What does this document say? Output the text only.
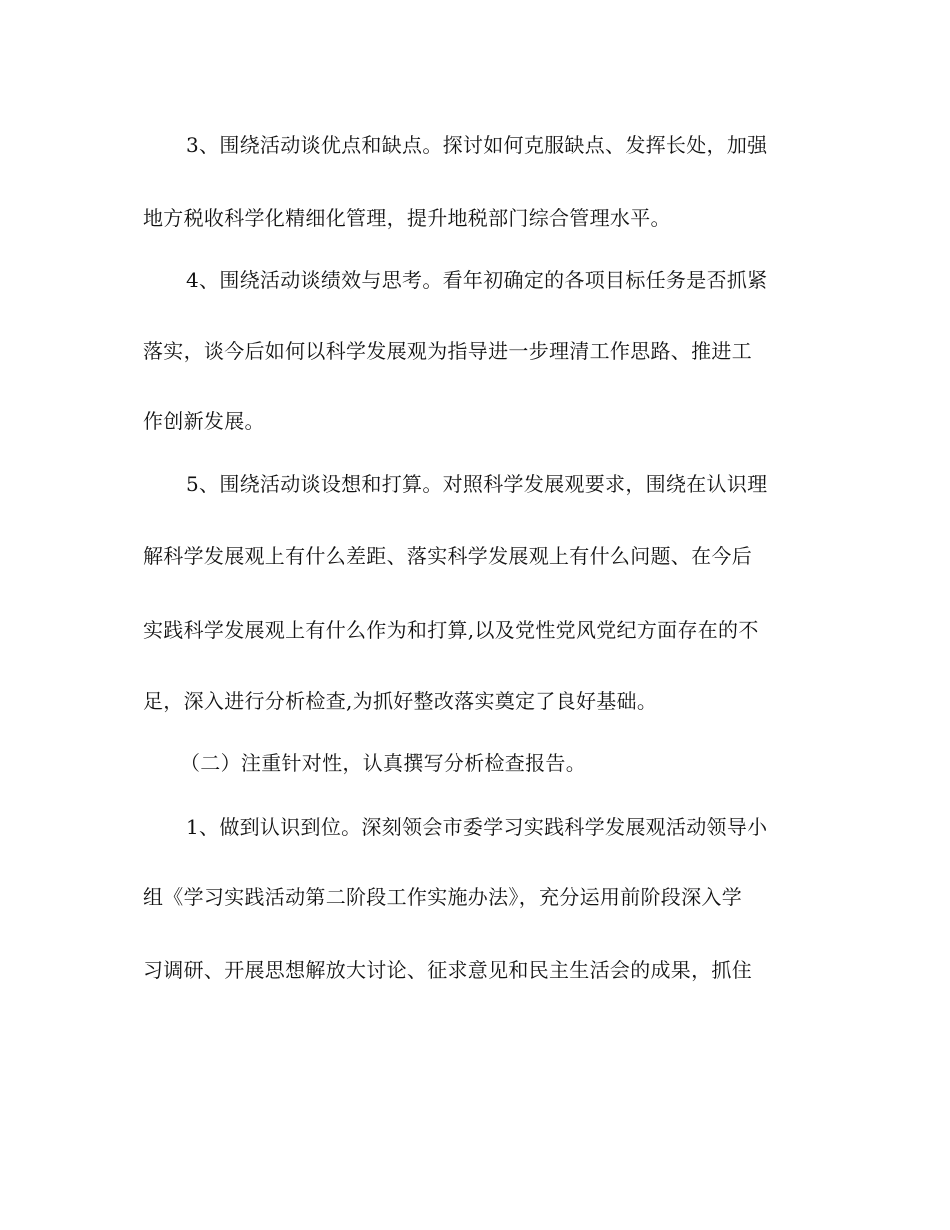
3、围绕活动谈优点和缺点。探讨如何克服缺点、发挥长处，加强
地方税收科学化精细化管理，提升地税部门综合管理水平。
4、围绕活动谈绩效与思考。看年初确定的各项目标任务是否抓紧
落实，谈今后如何以科学发展观为指导进一步理清工作思路、推进工
作创新发展。
5、围绕活动谈设想和打算。对照科学发展观要求，围绕在认识理
解科学发展观上有什么差距、落实科学发展观上有什么问题、在今后
实践科学发展观上有什么作为和打算,以及党性党风党纪方面存在的不
足，深入进行分析检查,为抓好整改落实奠定了良好基础。
（二）注重针对性，认真撰写分析检查报告。
1、做到认识到位。深刻领会市委学习实践科学发展观活动领导小
组《学习实践活动第二阶段工作实施办法》，充分运用前阶段深入学
习调研、开展思想解放大讨论、征求意见和民主生活会的成果，抓住
